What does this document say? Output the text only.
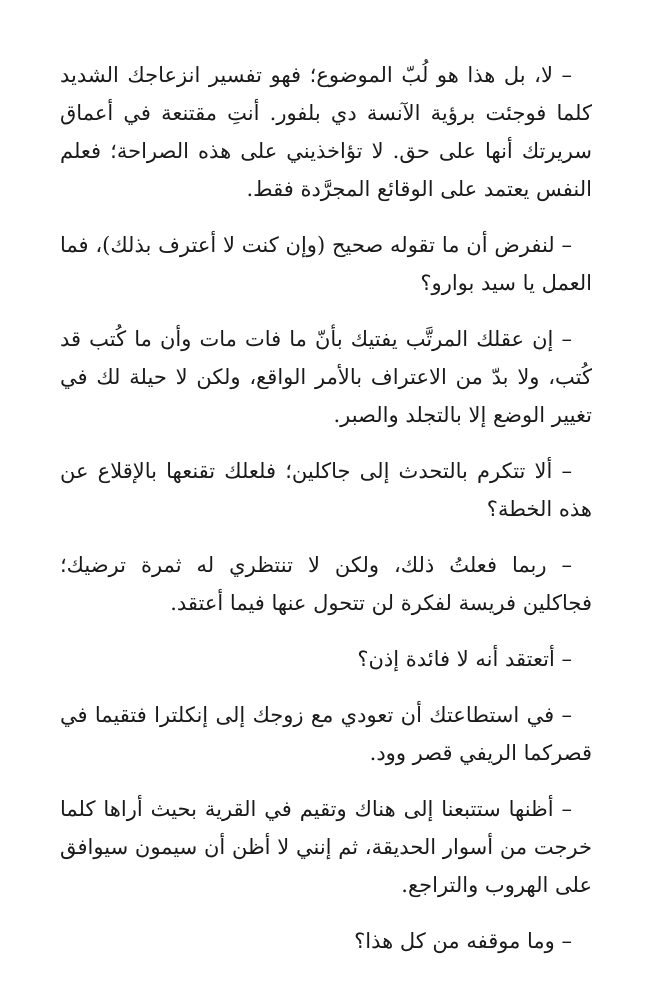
– لا، بل هذا هو لُبّ الموضوع؛ فهو تفسير انزعاجك الشديد كلما فوجئت برؤية الآنسة دي بلفور. أنتِ مقتنعة في أعماق سريرتك أنها على حق. لا تؤاخذيني على هذه الصراحة؛ فعلم النفس يعتمد على الوقائع المجرَّدة فقط.

– لنفرض أن ما تقوله صحيح (وإن كنت لا أعترف بذلك)، فما العمل يا سيد بوارو؟

– إن عقلك المرتَّب يفتيك بأنّ ما فات مات وأن ما كُتب قد كُتب، ولا بدّ من الاعتراف بالأمر الواقع، ولكن لا حيلة لك في تغيير الوضع إلا بالتجلد والصبر.

– ألا تتكرم بالتحدث إلى جاكلين؛ فلعلك تقنعها بالإقلاع عن هذه الخطة؟

– ربما فعلتُ ذلك، ولكن لا تنتظري له ثمرة ترضيك؛ فجاكلين فريسة لفكرة لن تتحول عنها فيما أعتقد.

– أتعتقد أنه لا فائدة إذن؟

– في استطاعتك أن تعودي مع زوجك إلى إنكلترا فتقيما في قصركما الريفي قصر وود.

– أظنها ستتبعنا إلى هناك وتقيم في القرية بحيث أراها كلما خرجت من أسوار الحديقة، ثم إنني لا أظن أن سيمون سيوافق على الهروب والتراجع.

– وما موقفه من كل هذا؟
